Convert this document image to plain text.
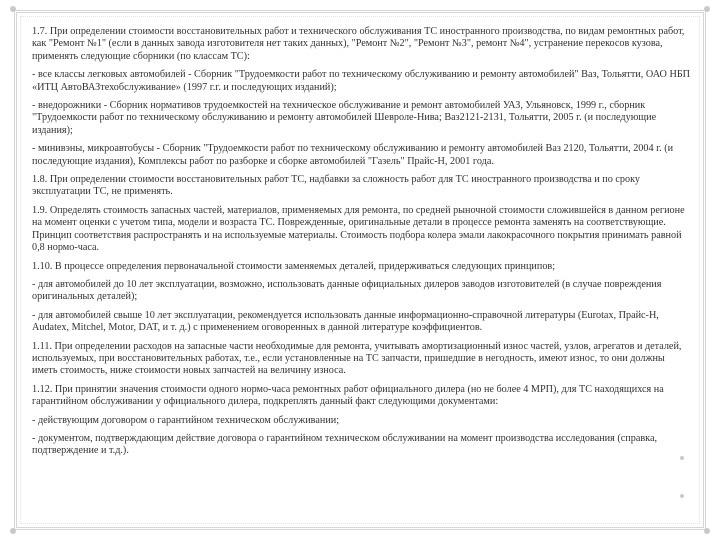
1.7. При определении стоимости восстановительных работ и технического обслуживания ТС иностранного производства, по видам ремонтных работ, как "Ремонт №1" (если в данных завода изготовителя нет таких данных), "Ремонт №2", "Ремонт №3", ремонт №4", устранение перекосов кузова, применять следующие сборники (по классам ТС):

- все классы легковых автомобилей - Сборник "Трудоемкости работ по техническому обслуживанию и ремонту автомобилей" Ваз, Тольятти, ОАО НБП «ИТЦ АвтоВАЗтехобслуживание» (1997 г.г. и последующих изданий);

- внедорожники - Сборник нормативов трудоемкостей на техническое обслуживание и ремонт автомобилей УАЗ, Ульяновск, 1999 г., сборник "Трудоемкости работ по техническому обслуживанию и ремонту автомобилей Шевроле-Нива; Ваз2121-2131, Тольятти, 2005 г. (и последующие издания);

- минивэны, микроавтобусы - Сборник "Трудоемкости работ по техническому обслуживанию и ремонту автомобилей Ваз 2120, Тольятти, 2004 г. (и последующие издания), Комплексы работ по разборке и сборке автомобилей "Газель" Прайс-Н, 2001 года.

1.8. При определении стоимости восстановительных работ ТС, надбавки за сложность работ для ТС иностранного производства и по сроку эксплуатации ТС, не применять.

1.9. Определять стоимость запасных частей, материалов, применяемых для ремонта, по средней рыночной стоимости сложившейся в данном регионе на момент оценки с учетом типа, модели и возраста ТС. Поврежденные, оригинальные детали в процессе ремонта заменять на соответствующие. Принцип соответствия распространять и на используемые материалы. Стоимость подбора колера эмали лакокрасочного покрытия принимать равной 0,8 нормо-часа.

1.10. В процессе определения первоначальной стоимости заменяемых деталей, придерживаться следующих принципов;

- для автомобилей до 10 лет эксплуатации, возможно, использовать данные официальных дилеров заводов изготовителей (в случае повреждения оригинальных деталей);

- для автомобилей свыше 10 лет эксплуатации, рекомендуется использовать данные информационно-справочной литературы (Eurotax, Прайс-Н, Audatex, Mitchel, Motor, DAT, и т. д.) с применением оговоренных в данной литературе коэффициентов.

1.11. При определении расходов на запасные части необходимые для ремонта, учитывать амортизационный износ частей, узлов, агрегатов и деталей, используемых, при восстановительных работах, т.е., если установленные на ТС запчасти, пришедшие в негодность, имеют износ, то они должны иметь стоимость, ниже стоимости новых запчастей на величину износа.

1.12. При принятии значения стоимости одного нормо-часа ремонтных работ официального дилера (но не более 4 МРП), для ТС находящихся на гарантийном обслуживании у официального дилера, подкреплять данный факт следующими документами:

- действующим договором о гарантийном техническом обслуживании;

- документом, подтверждающим действие договора о гарантийном техническом обслуживании на момент производства исследования (справка, подтверждение и т.д.).
